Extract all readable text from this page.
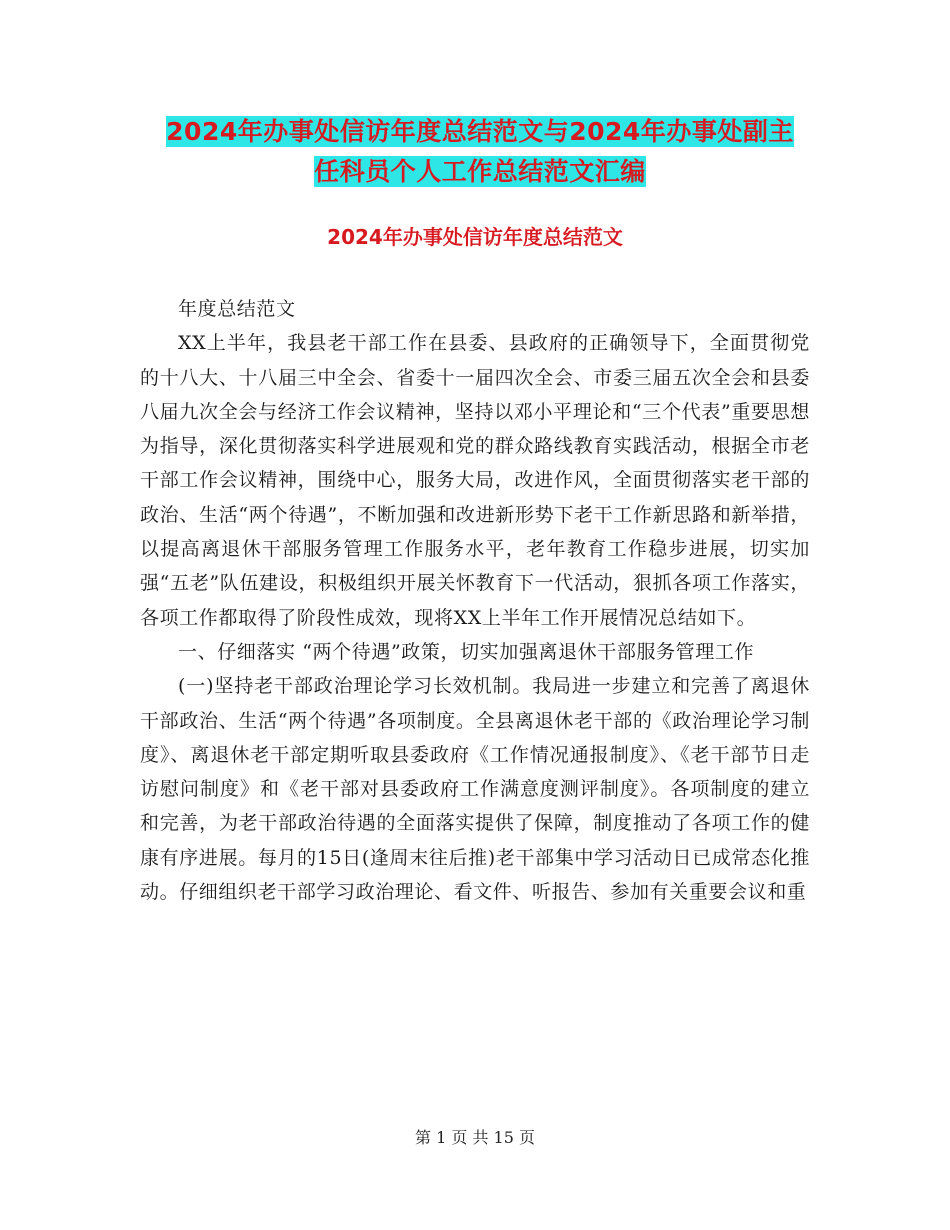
2024年办事处信访年度总结范文与2024年办事处副主
任科员个人工作总结范文汇编
2024年办事处信访年度总结范文

年度总结范文

XX上半年，我县老干部工作在县委、县政府的正确领导下，全面贯彻党的十八大、十八届三中全会、省委十一届四次全会、市委三届五次全会和县委八届九次全会与经济工作会议精神，坚持以邓小平理论和“三个代表”重要思想为指导，深化贯彻落实科学进展观和党的群众路线教育实践活动，根据全市老干部工作会议精神，围绕中心，服务大局，改进作风，全面贯彻落实老干部的政治、生活“两个待遇”，不断加强和改进新形势下老干工作新思路和新举措，以提高离退休干部服务管理工作服务水平，老年教育工作稳步进展，切实加强“五老”队伍建设，积极组织开展关怀教育下一代活动，狠抓各项工作落实，各项工作都取得了阶段性成效，现将XX上半年工作开展情况总结如下。

一、仔细落实 “两个待遇”政策，切实加强离退休干部服务管理工作

(一)坚持老干部政治理论学习长效机制。我局进一步建立和完善了离退休干部政治、生活“两个待遇”各项制度。全县离退休老干部的《政治理论学习制度》、离退休老干部定期听取县委政府《工作情况通报制度》、《老干部节日走访慰问制度》和《老干部对县委政府工作满意度测评制度》。各项制度的建立和完善，为老干部政治待遇的全面落实提供了保障，制度推动了各项工作的健康有序进展。每月的15日(逢周末往后推)老干部集中学习活动日已成常态化推动。仔细组织老干部学习政治理论、看文件、听报告、参加有关重要会议和重

第 1 页 共 15 页
